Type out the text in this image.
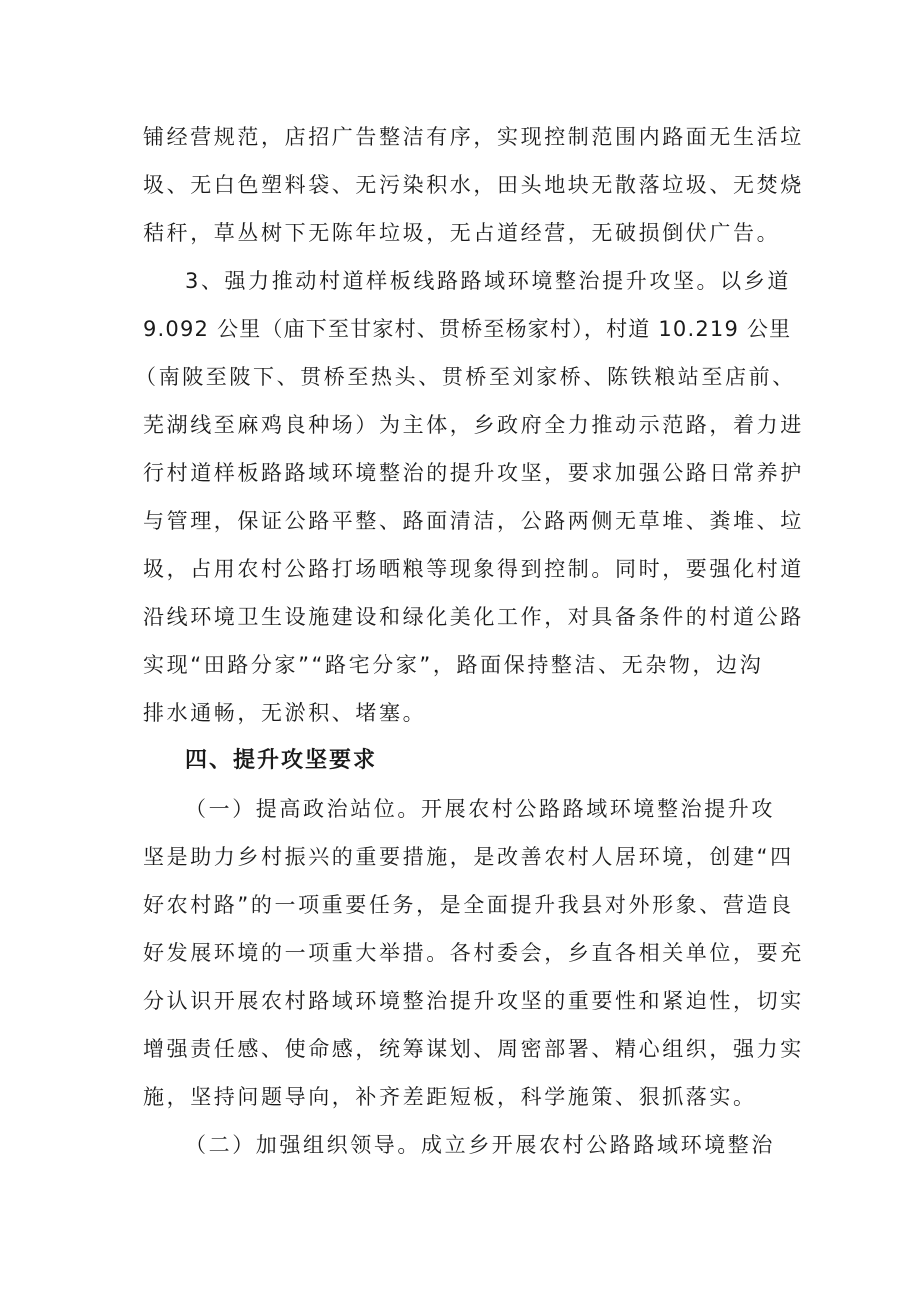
铺经营规范，店招广告整洁有序，实现控制范围内路面无生活垃
圾、无白色塑料袋、无污染积水，田头地块无散落垃圾、无焚烧
秸秆，草丛树下无陈年垃圾，无占道经营，无破损倒伏广告。
3、强力推动村道样板线路路域环境整治提升攻坚。以乡道
9.092 公里（庙下至甘家村、贯桥至杨家村），村道 10.219 公里
（南陂至陂下、贯桥至热头、贯桥至刘家桥、陈铁粮站至店前、
芜湖线至麻鸡良种场）为主体，乡政府全力推动示范路，着力进
行村道样板路路域环境整治的提升攻坚，要求加强公路日常养护
与管理，保证公路平整、路面清洁，公路两侧无草堆、粪堆、垃
圾，占用农村公路打场晒粮等现象得到控制。同时，要强化村道
沿线环境卫生设施建设和绿化美化工作，对具备条件的村道公路
实现“田路分家”“路宅分家”，路面保持整洁、无杂物，边沟
排水通畅，无淤积、堵塞。
四、提升攻坚要求
（一）提高政治站位。开展农村公路路域环境整治提升攻
坚是助力乡村振兴的重要措施，是改善农村人居环境，创建“四
好农村路”的一项重要任务，是全面提升我县对外形象、营造良
好发展环境的一项重大举措。各村委会，乡直各相关单位，要充
分认识开展农村路域环境整治提升攻坚的重要性和紧迫性，切实
增强责任感、使命感，统筹谋划、周密部署、精心组织，强力实
施，坚持问题导向，补齐差距短板，科学施策、狠抓落实。
（二）加强组织领导。成立乡开展农村公路路域环境整治
